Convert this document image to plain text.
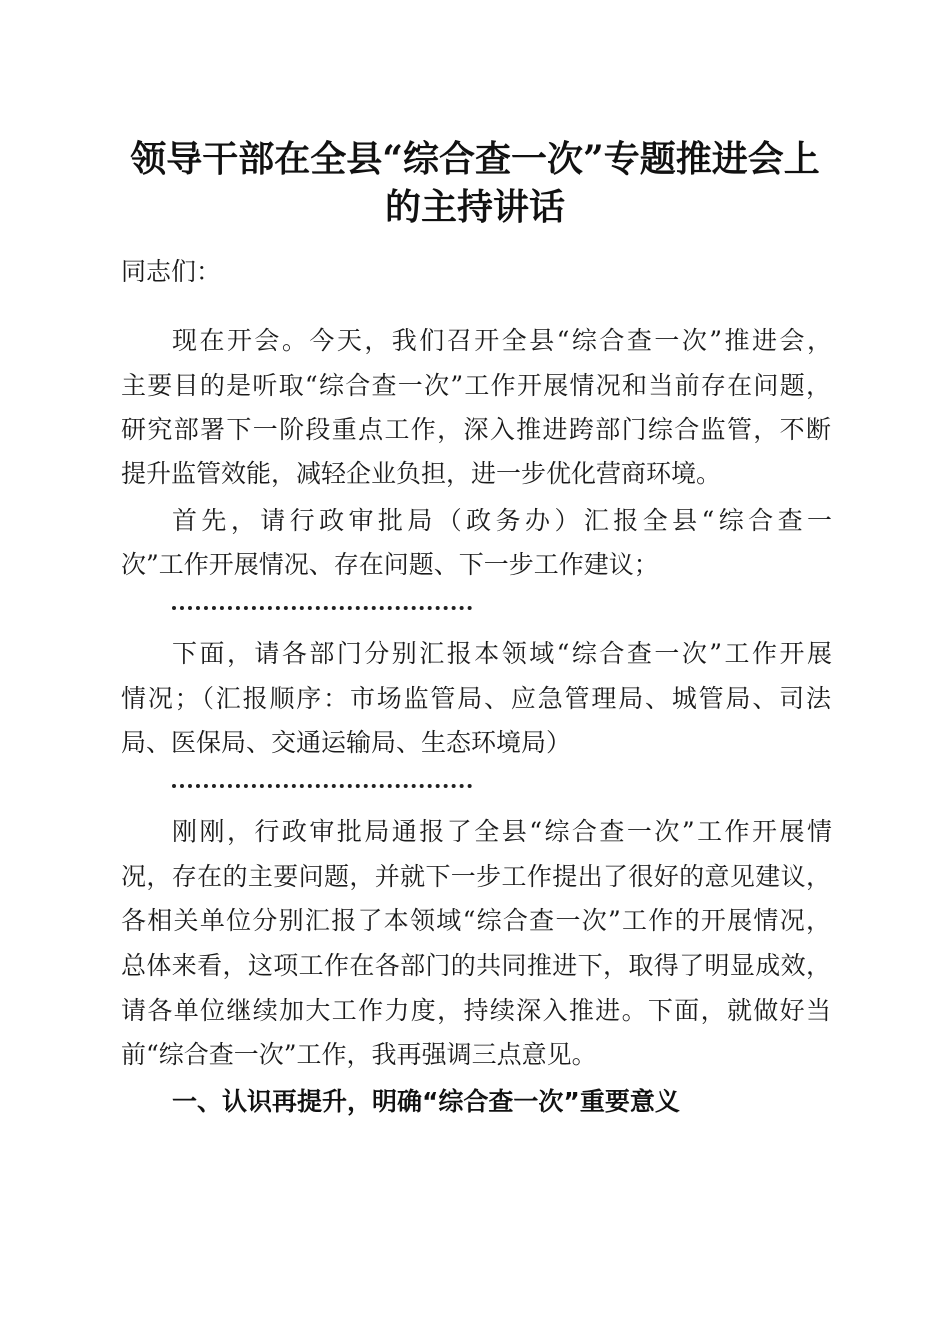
领导干部在全县“综合查一次”专题推进会上
的主持讲话
同志们：
现在开会。今天，我们召开全县“综合查一次”推进会，
主要目的是听取“综合查一次”工作开展情况和当前存在问题，
研究部署下一阶段重点工作，深入推进跨部门综合监管，不断
提升监管效能，减轻企业负担，进一步优化营商环境。
首先，请行政审批局（政务办）汇报全县“综合查一
次”工作开展情况、存在问题、下一步工作建议；
下面，请各部门分别汇报本领域“综合查一次”工作开展
情况；（汇报顺序：市场监管局、应急管理局、城管局、司法
局、医保局、交通运输局、生态环境局）
刚刚，行政审批局通报了全县“综合查一次”工作开展情
况，存在的主要问题，并就下一步工作提出了很好的意见建议，
各相关单位分别汇报了本领域“综合查一次”工作的开展情况，
总体来看，这项工作在各部门的共同推进下，取得了明显成效，
请各单位继续加大工作力度，持续深入推进。下面，就做好当
前“综合查一次”工作，我再强调三点意见。
一、认识再提升，明确“综合查一次”重要意义
